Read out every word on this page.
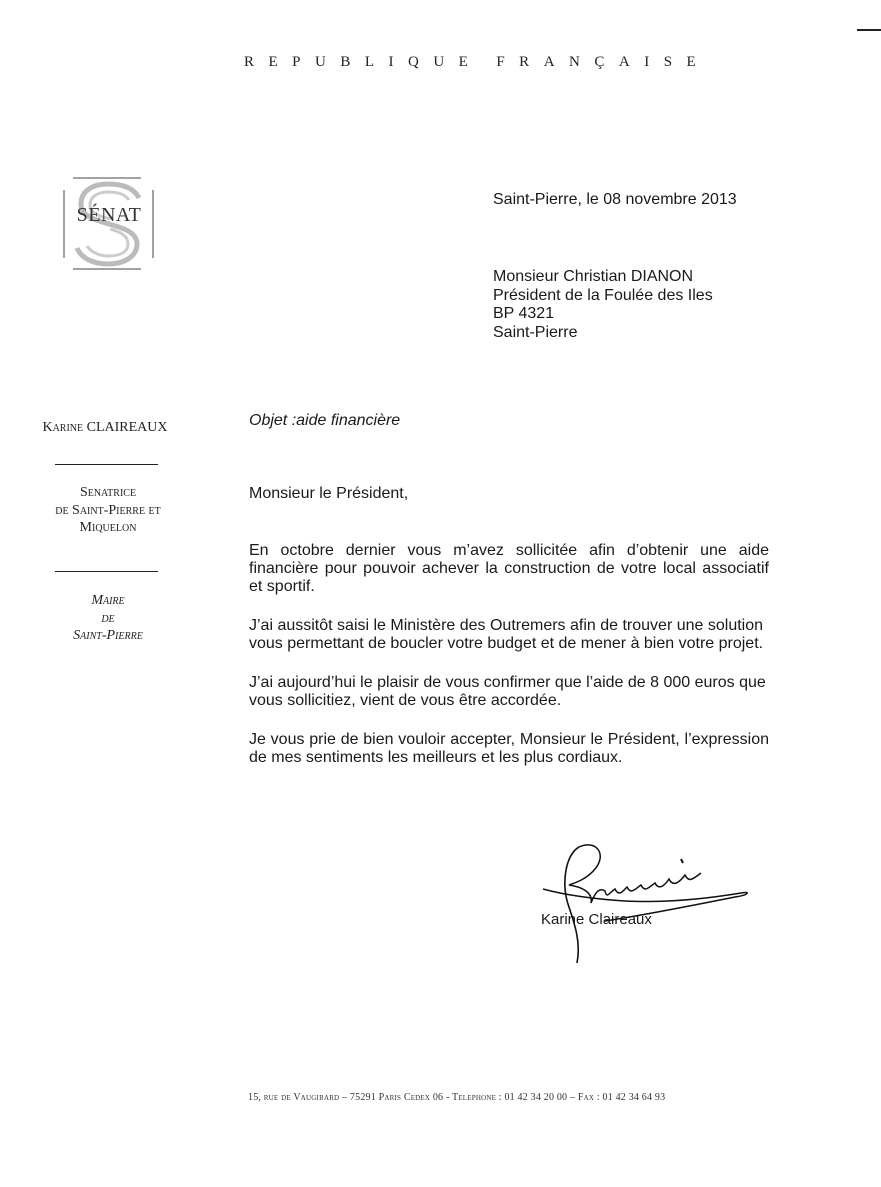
REPUBLIQUE FRANÇAISE
SÉNAT
Karine CLAIREAUX
Senatrice
de Saint-Pierre et
Miquelon
Maire
de
Saint-Pierre
Saint-Pierre, le 08 novembre 2013
Monsieur Christian DIANON
Président de la Foulée des Iles
BP 4321
Saint-Pierre
Objet :aide financière
Monsieur le Président,
En octobre dernier vous m’avez sollicitée afin d’obtenir une aide financière pour pouvoir achever la construction de votre local associatif et sportif.
J’ai aussitôt saisi le Ministère des Outremers afin de trouver une solution vous permettant de boucler votre budget et de mener à bien votre projet.
J’ai aujourd’hui le plaisir de vous confirmer que l’aide de 8 000 euros que vous sollicitiez, vient de vous être accordée.
Je vous prie de bien vouloir accepter, Monsieur le Président, l’expression de mes sentiments les meilleurs et les plus cordiaux.
Karine Claireaux
15, rue de Vaugirard – 75291 Paris Cedex 06 - Telephone : 01 42 34 20 00 – Fax : 01 42 34 64 93
